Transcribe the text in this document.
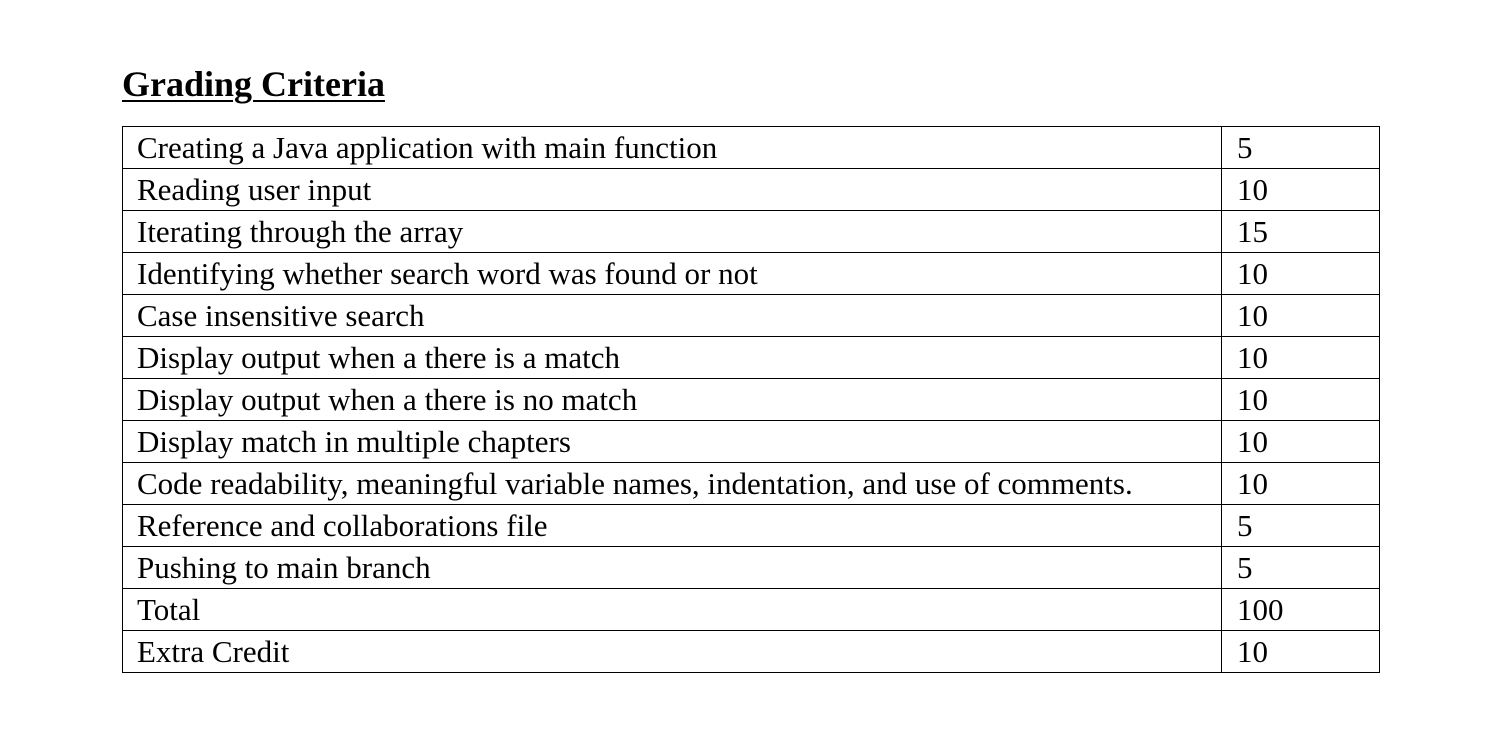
Grading Criteria
Creating a Java application with main function	5
Reading user input	10
Iterating through the array	15
Identifying whether search word was found or not	10
Case insensitive search	10
Display output when a there is a match	10
Display output when a there is no match	10
Display match in multiple chapters	10
Code readability, meaningful variable names, indentation, and use of comments.	10
Reference and collaborations file	5
Pushing to main branch	5
Total	100
Extra Credit	10
